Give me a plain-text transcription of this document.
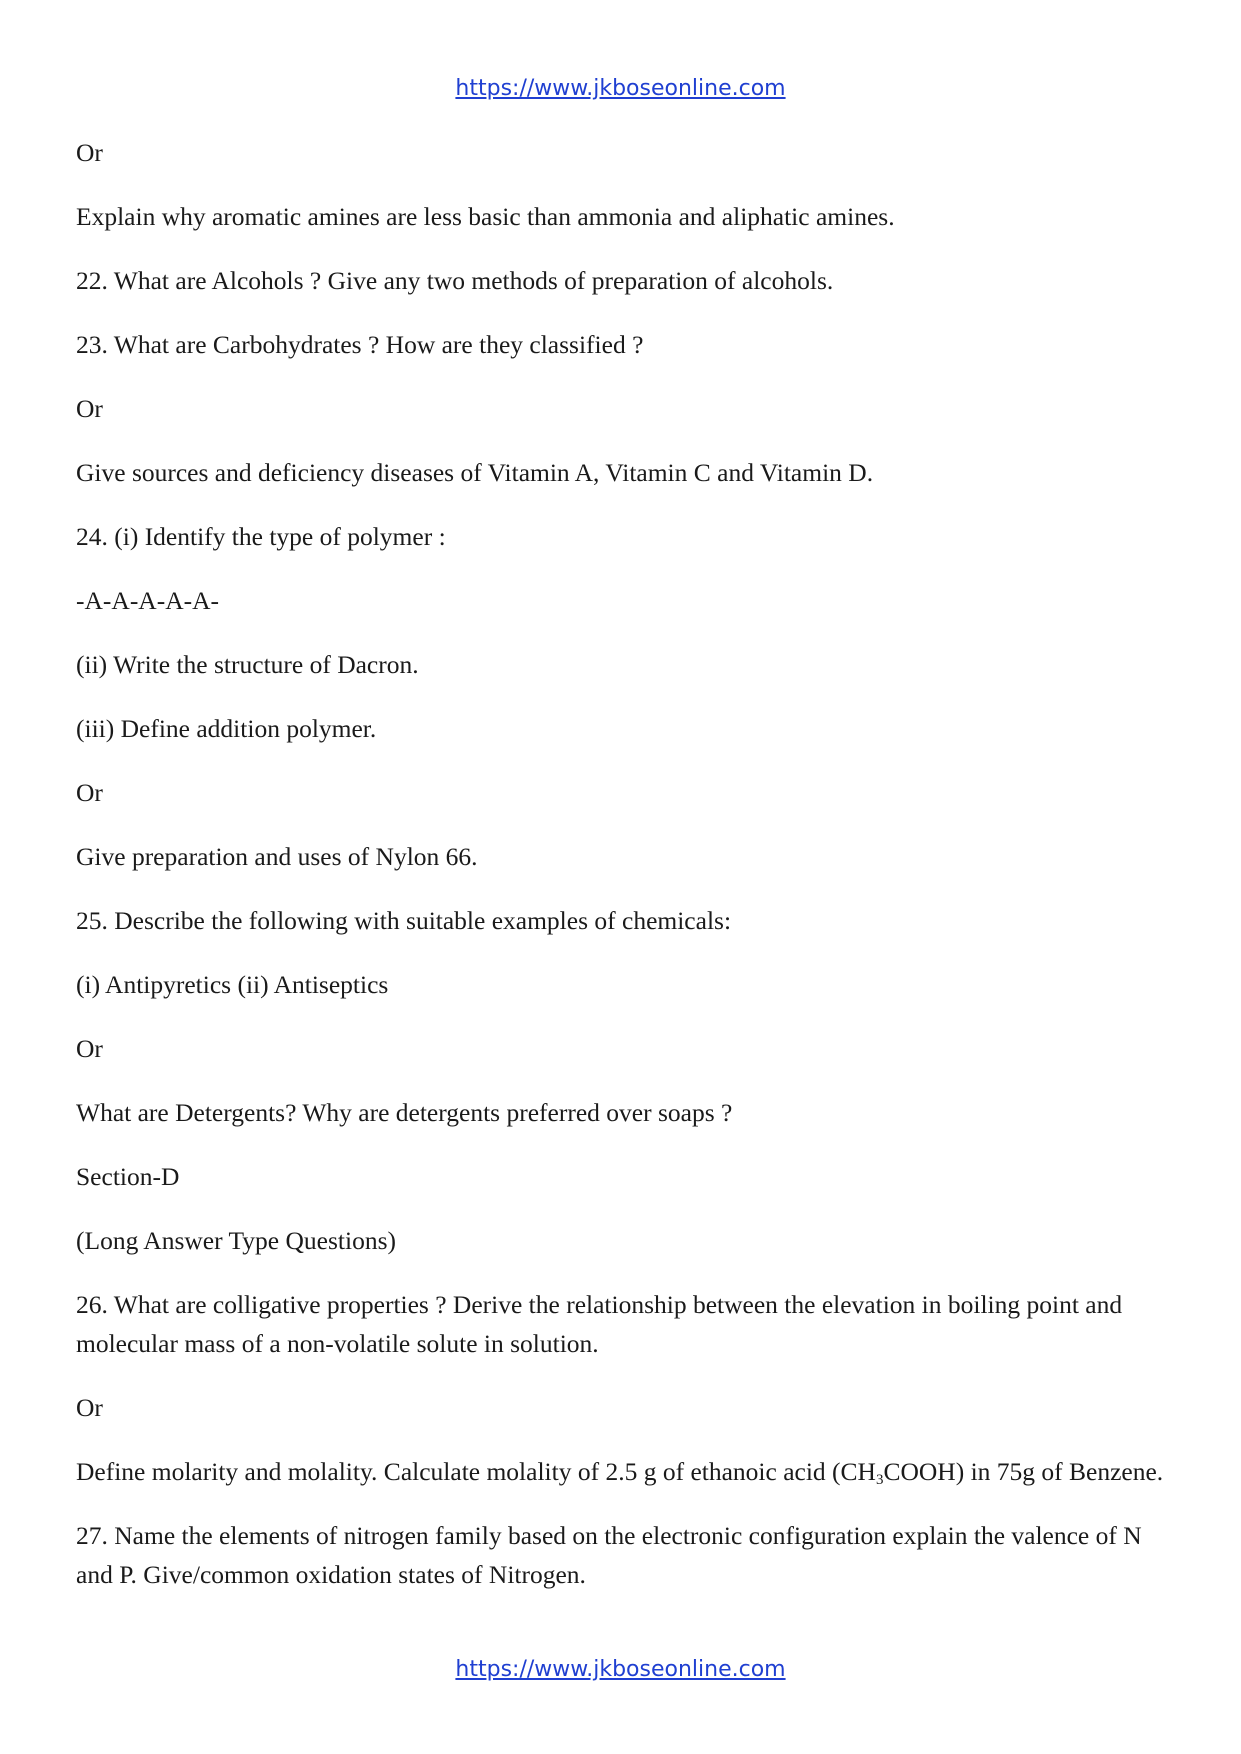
https://www.jkboseonline.com

Or

Explain why aromatic amines are less basic than ammonia and aliphatic amines.

22. What are Alcohols ? Give any two methods of preparation of alcohols.

23. What are Carbohydrates ? How are they classified ?

Or

Give sources and deficiency diseases of Vitamin A, Vitamin C and Vitamin D.

24. (i) Identify the type of polymer :

-A-A-A-A-A-

(ii) Write the structure of Dacron.

(iii) Define addition polymer.

Or

Give preparation and uses of Nylon 66.

25. Describe the following with suitable examples of chemicals:

(i) Antipyretics (ii) Antiseptics

Or

What are Detergents? Why are detergents preferred over soaps ?

Section-D

(Long Answer Type Questions)

26. What are colligative properties ? Derive the relationship between the elevation in boiling point and molecular mass of a non-volatile solute in solution.

Or

Define molarity and molality. Calculate molality of 2.5 g of ethanoic acid $(CH_3COOH)$ in 75g of Benzene.

27. Name the elements of nitrogen family based on the electronic configuration explain the valence of N and P. Give/common oxidation states of Nitrogen.

https://www.jkboseonline.com
